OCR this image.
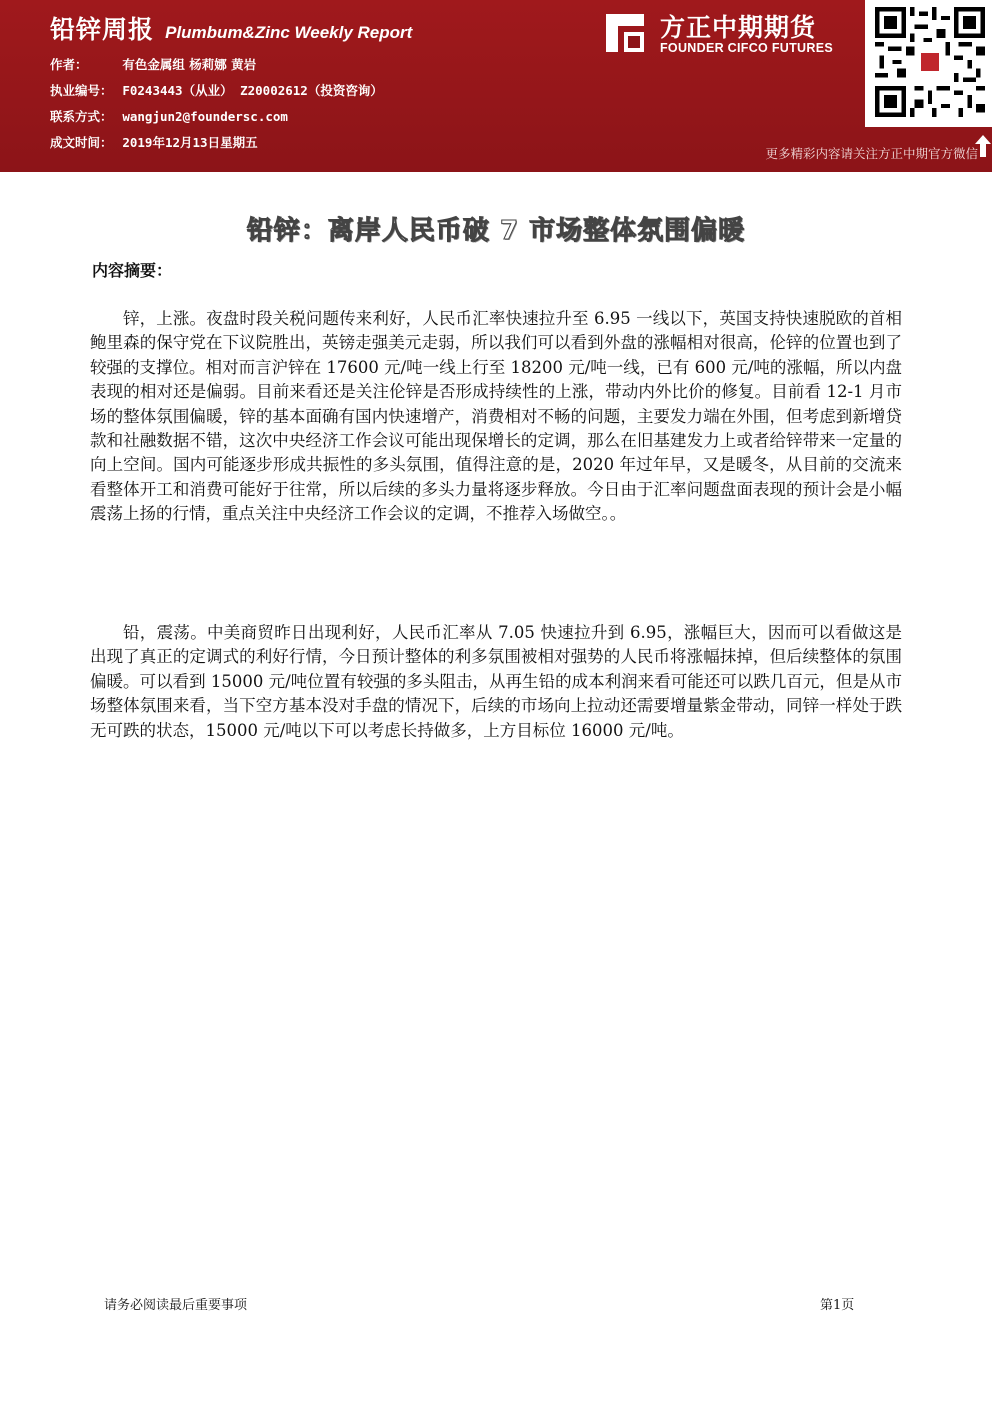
铅锌周报 Plumbum&Zinc Weekly Report
作者：	有色金属组 杨莉娜 黄岩
执业编号： F0243443（从业） Z20002612（投资咨询）
联系方式： wangjun2@foundersc.com
成文时间： 2019年12月13日星期五
方正中期期货
FOUNDER CIFCO FUTURES
更多精彩内容请关注方正中期官方微信
铅锌：离岸人民币破 7 市场整体氛围偏暖
内容摘要：

锌，上涨。夜盘时段关税问题传来利好，人民币汇率快速拉升至 6.95 一线以下，英国支持快速脱欧的首相鲍里森的保守党在下议院胜出，英镑走强美元走弱，所以我们可以看到外盘的涨幅相对很高，伦锌的位置也到了较强的支撑位。相对而言沪锌在 17600 元/吨一线上行至 18200 元/吨一线，已有 600 元/吨的涨幅，所以内盘表现的相对还是偏弱。目前来看还是关注伦锌是否形成持续性的上涨，带动内外比价的修复。目前看 12-1 月市场的整体氛围偏暖，锌的基本面确有国内快速增产，消费相对不畅的问题，主要发力端在外围，但考虑到新增贷款和社融数据不错，这次中央经济工作会议可能出现保增长的定调，那么在旧基建发力上或者给锌带来一定量的向上空间。国内可能逐步形成共振性的多头氛围，值得注意的是，2020 年过年早，又是暖冬，从目前的交流来看整体开工和消费可能好于往常，所以后续的多头力量将逐步释放。今日由于汇率问题盘面表现的预计会是小幅震荡上扬的行情，重点关注中央经济工作会议的定调，不推荐入场做空。。

铅，震荡。中美商贸昨日出现利好，人民币汇率从 7.05 快速拉升到 6.95，涨幅巨大，因而可以看做这是出现了真正的定调式的利好行情，今日预计整体的利多氛围被相对强势的人民币将涨幅抹掉，但后续整体的氛围偏暖。可以看到 15000 元/吨位置有较强的多头阻击，从再生铅的成本利润来看可能还可以跌几百元，但是从市场整体氛围来看，当下空方基本没对手盘的情况下，后续的市场向上拉动还需要增量紫金带动，同锌一样处于跌无可跌的状态，15000 元/吨以下可以考虑长持做多，上方目标位 16000 元/吨。

请务必阅读最后重要事项	第1页
